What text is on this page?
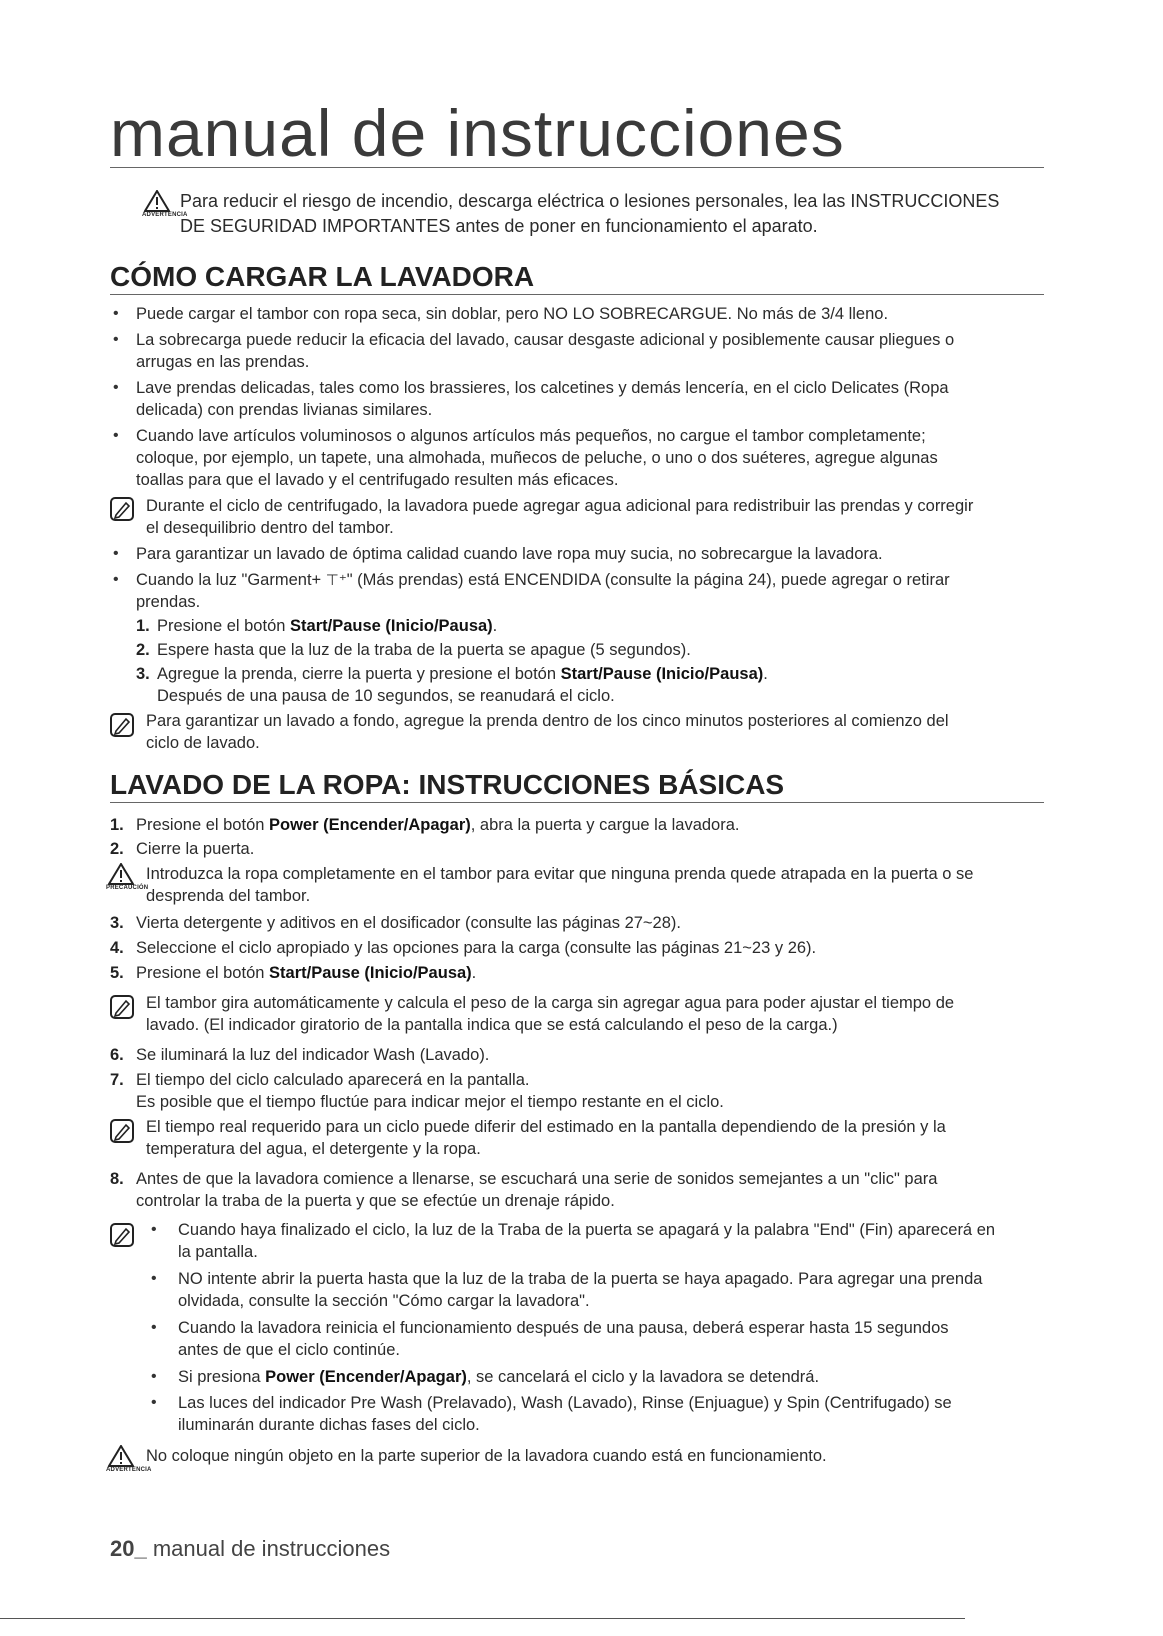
manual de instrucciones
ADVERTENCIA
Para reducir el riesgo de incendio, descarga eléctrica o lesiones personales, lea las INSTRUCCIONES
DE SEGURIDAD IMPORTANTES antes de poner en funcionamiento el aparato.
CÓMO CARGAR LA LAVADORA
• Puede cargar el tambor con ropa seca, sin doblar, pero NO LO SOBRECARGUE. No más de 3/4 lleno.
• La sobrecarga puede reducir la eficacia del lavado, causar desgaste adicional y posiblemente causar pliegues o
arrugas en las prendas.
• Lave prendas delicadas, tales como los brassieres, los calcetines y demás lencería, en el ciclo Delicates (Ropa
delicada) con prendas livianas similares.
• Cuando lave artículos voluminosos o algunos artículos más pequeños, no cargue el tambor completamente;
coloque, por ejemplo, un tapete, una almohada, muñecos de peluche, o uno o dos suéteres, agregue algunas
toallas para que el lavado y el centrifugado resulten más eficaces.
Durante el ciclo de centrifugado, la lavadora puede agregar agua adicional para redistribuir las prendas y corregir
el desequilibrio dentro del tambor.
• Para garantizar un lavado de óptima calidad cuando lave ropa muy sucia, no sobrecargue la lavadora.
• Cuando la luz "Garment+ ⊤⁺" (Más prendas) está ENCENDIDA (consulte la página 24), puede agregar o retirar
prendas.
1. Presione el botón Start/Pause (Inicio/Pausa).
2. Espere hasta que la luz de la traba de la puerta se apague (5 segundos).
3. Agregue la prenda, cierre la puerta y presione el botón Start/Pause (Inicio/Pausa).
Después de una pausa de 10 segundos, se reanudará el ciclo.
Para garantizar un lavado a fondo, agregue la prenda dentro de los cinco minutos posteriores al comienzo del
ciclo de lavado.
LAVADO DE LA ROPA: INSTRUCCIONES BÁSICAS
1. Presione el botón Power (Encender/Apagar), abra la puerta y cargue la lavadora.
2. Cierre la puerta.
PRECAUCIÓN
Introduzca la ropa completamente en el tambor para evitar que ninguna prenda quede atrapada en la puerta o se
desprenda del tambor.
3. Vierta detergente y aditivos en el dosificador (consulte las páginas 27~28).
4. Seleccione el ciclo apropiado y las opciones para la carga (consulte las páginas 21~23 y 26).
5. Presione el botón Start/Pause (Inicio/Pausa).
El tambor gira automáticamente y calcula el peso de la carga sin agregar agua para poder ajustar el tiempo de
lavado. (El indicador giratorio de la pantalla indica que se está calculando el peso de la carga.)
6. Se iluminará la luz del indicador Wash (Lavado).
7. El tiempo del ciclo calculado aparecerá en la pantalla.
Es posible que el tiempo fluctúe para indicar mejor el tiempo restante en el ciclo.
El tiempo real requerido para un ciclo puede diferir del estimado en la pantalla dependiendo de la presión y la
temperatura del agua, el detergente y la ropa.
8. Antes de que la lavadora comience a llenarse, se escuchará una serie de sonidos semejantes a un "clic" para
controlar la traba de la puerta y que se efectúe un drenaje rápido.
• Cuando haya finalizado el ciclo, la luz de la Traba de la puerta se apagará y la palabra "End" (Fin) aparecerá en
la pantalla.
• NO intente abrir la puerta hasta que la luz de la traba de la puerta se haya apagado. Para agregar una prenda
olvidada, consulte la sección "Cómo cargar la lavadora".
• Cuando la lavadora reinicia el funcionamiento después de una pausa, deberá esperar hasta 15 segundos
antes de que el ciclo continúe.
• Si presiona Power (Encender/Apagar), se cancelará el ciclo y la lavadora se detendrá.
• Las luces del indicador Pre Wash (Prelavado), Wash (Lavado), Rinse (Enjuague) y Spin (Centrifugado) se
iluminarán durante dichas fases del ciclo.
ADVERTENCIA
No coloque ningún objeto en la parte superior de la lavadora cuando está en funcionamiento.
20_ manual de instrucciones
